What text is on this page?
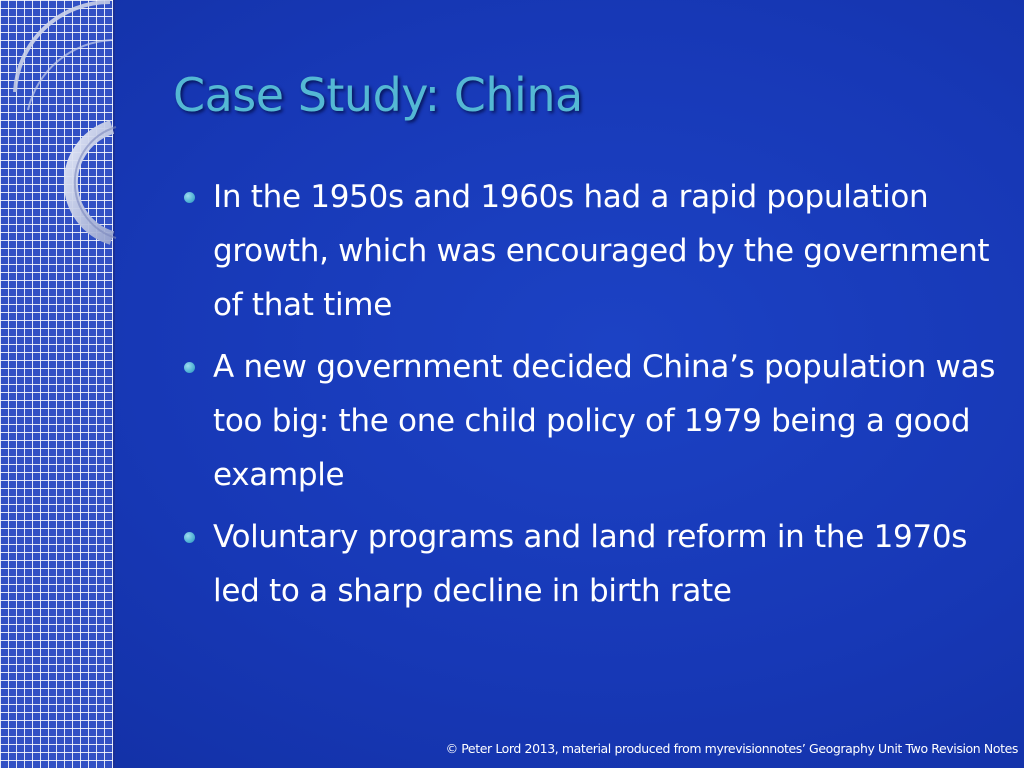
Case Study: China
In the 1950s and 1960s had a rapid population growth, which was encouraged by the government of that time
A new government decided China’s population was too big: the one child policy of 1979 being a good example
Voluntary programs and land reform in the 1970s led to a sharp decline in birth rate

© Peter Lord 2013, material produced from myrevisionnotes’ Geography Unit Two Revision Notes
